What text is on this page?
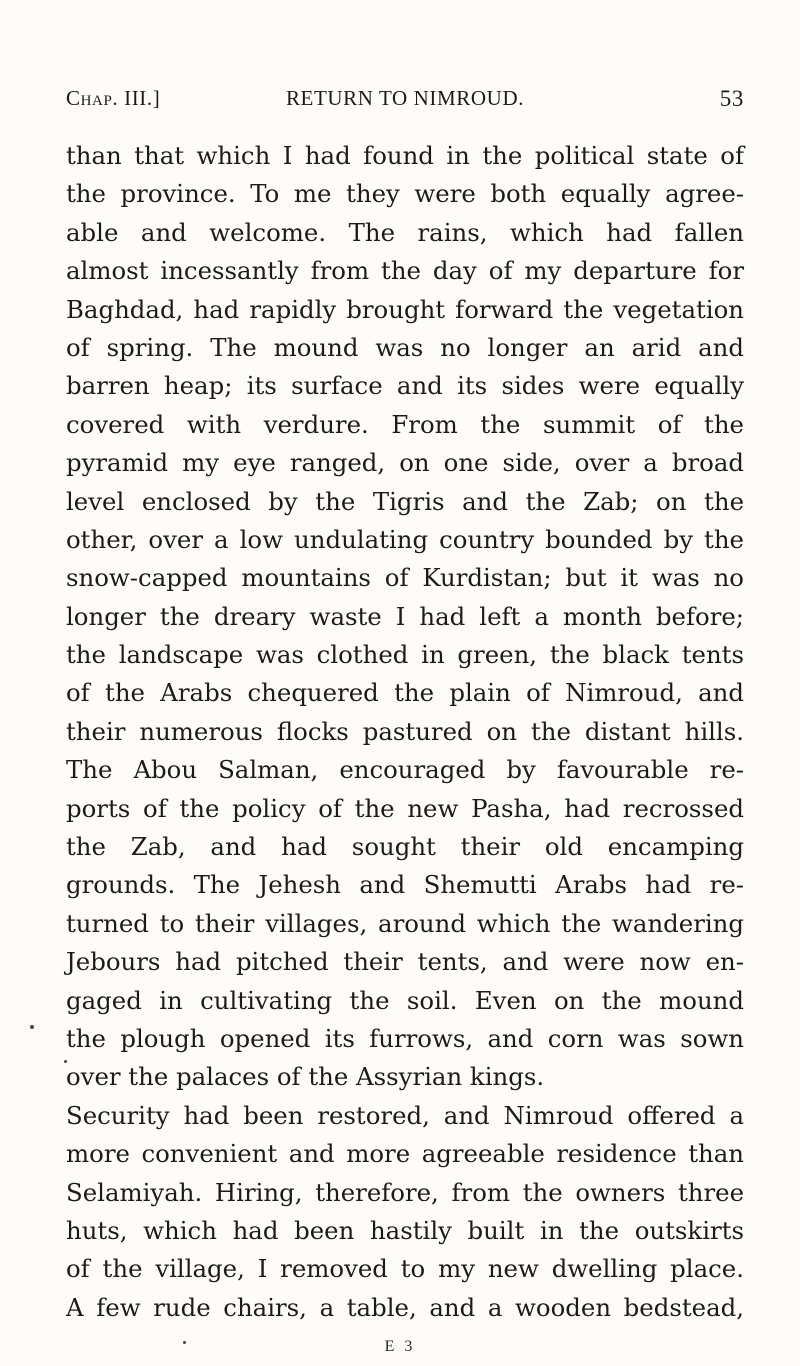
Chap. III.]	RETURN TO NIMROUD.	53
than that which I had found in the political state of
the province. To me they were both equally agree-
able and welcome. The rains, which had fallen
almost incessantly from the day of my departure for
Baghdad, had rapidly brought forward the vegetation
of spring. The mound was no longer an arid and
barren heap; its surface and its sides were equally
covered with verdure. From the summit of the
pyramid my eye ranged, on one side, over a broad
level enclosed by the Tigris and the Zab; on the
other, over a low undulating country bounded by the
snow-capped mountains of Kurdistan; but it was no
longer the dreary waste I had left a month before;
the landscape was clothed in green, the black tents
of the Arabs chequered the plain of Nimroud, and
their numerous flocks pastured on the distant hills.
The Abou Salman, encouraged by favourable re-
ports of the policy of the new Pasha, had recrossed
the Zab, and had sought their old encamping
grounds. The Jehesh and Shemutti Arabs had re-
turned to their villages, around which the wandering
Jebours had pitched their tents, and were now en-
gaged in cultivating the soil. Even on the mound
the plough opened its furrows, and corn was sown
over the palaces of the Assyrian kings.
Security had been restored, and Nimroud offered a
more convenient and more agreeable residence than
Selamiyah. Hiring, therefore, from the owners three
huts, which had been hastily built in the outskirts
of the village, I removed to my new dwelling place.
A few rude chairs, a table, and a wooden bedstead,
E 3
